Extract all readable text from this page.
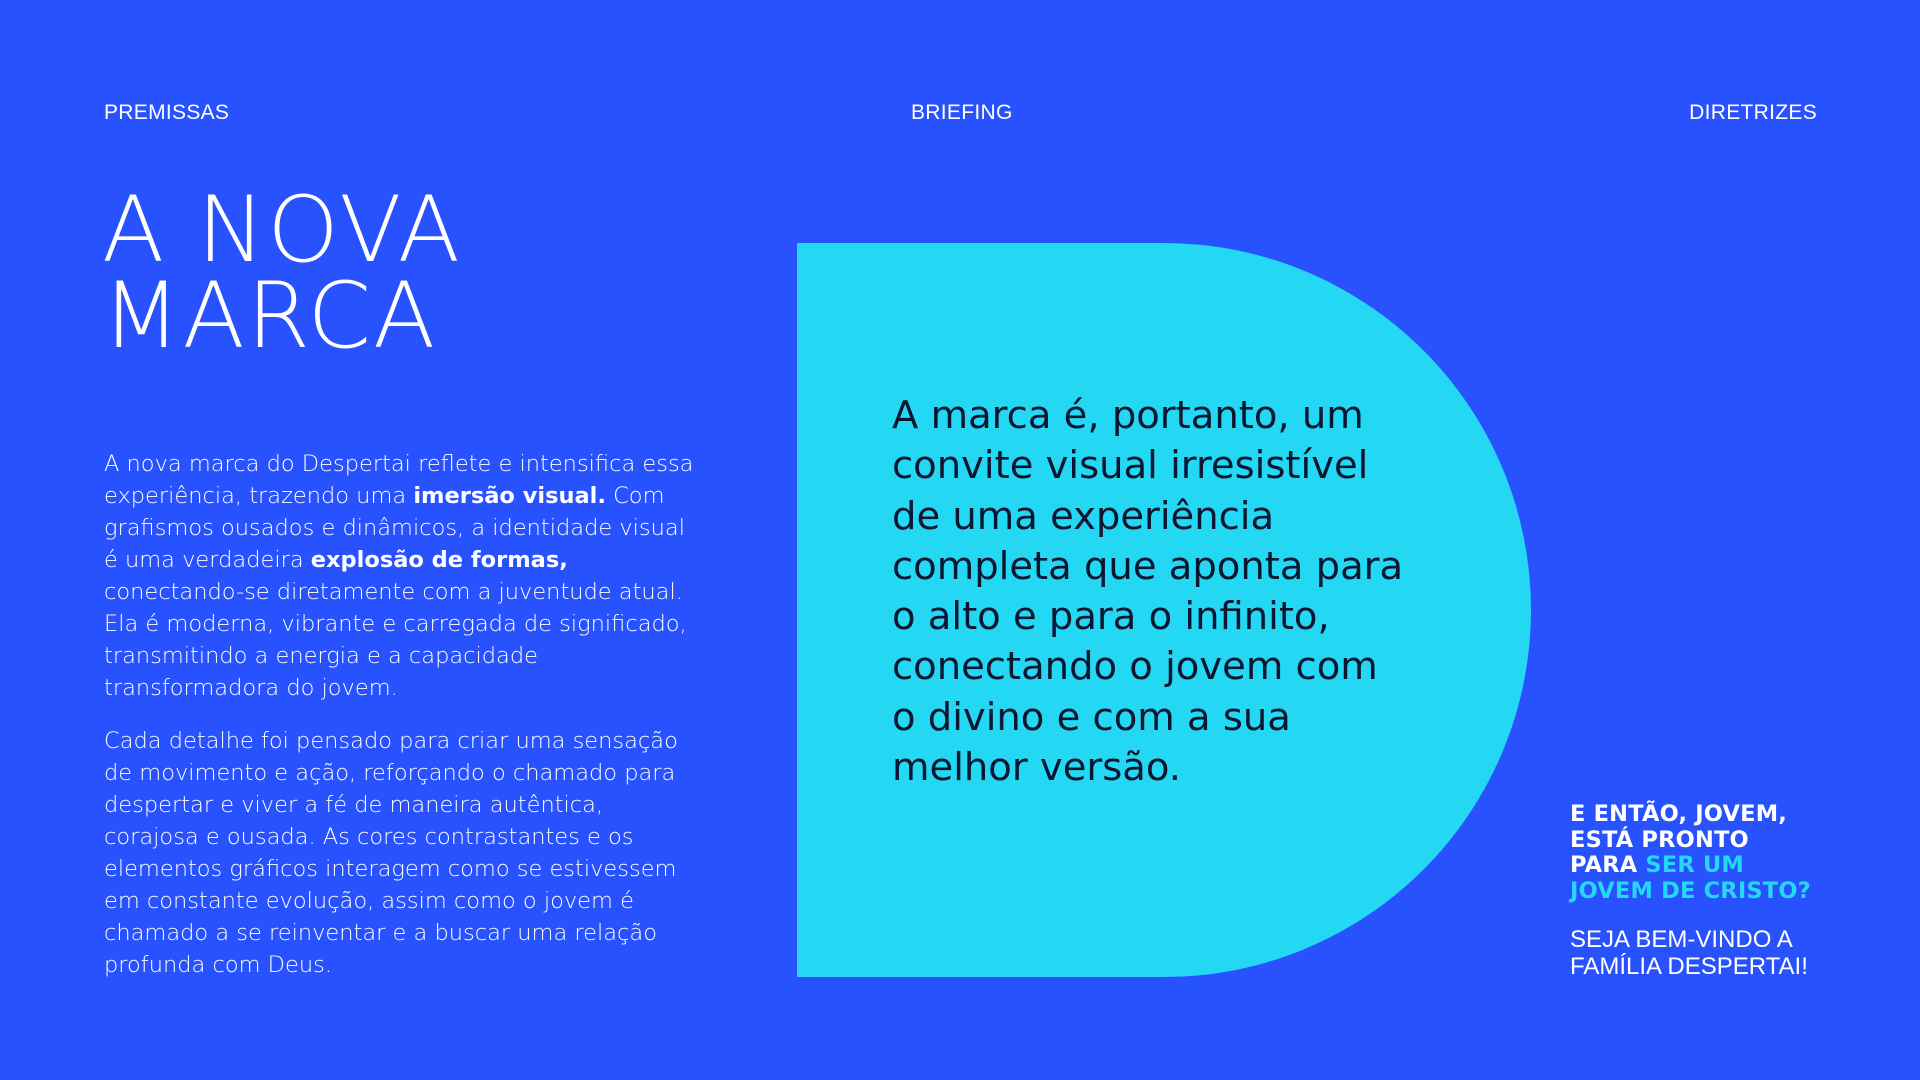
PREMISSAS	BRIEFING	DIRETRIZES
A NOVA
MARCA

A nova marca do Despertai reflete e intensifica essa experiência, trazendo uma imersão visual. Com grafismos ousados e dinâmicos, a identidade visual é uma verdadeira explosão de formas, conectando-se diretamente com a juventude atual. Ela é moderna, vibrante e carregada de significado, transmitindo a energia e a capacidade transformadora do jovem.

Cada detalhe foi pensado para criar uma sensação de movimento e ação, reforçando o chamado para despertar e viver a fé de maneira autêntica, corajosa e ousada. As cores contrastantes e os elementos gráficos interagem como se estivessem em constante evolução, assim como o jovem é chamado a se reinventar e a buscar uma relação profunda com Deus.

A marca é, portanto, um convite visual irresistível de uma experiência completa que aponta para o alto e para o infinito, conectando o jovem com o divino e com a sua melhor versão.

E ENTÃO, JOVEM,
ESTÁ PRONTO
PARA SER UM
JOVEM DE CRISTO?

SEJA BEM-VINDO A
FAMÍLIA DESPERTAI!
